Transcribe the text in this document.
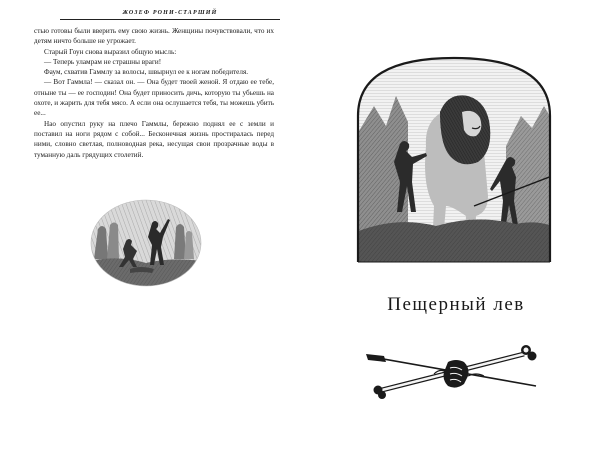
ЖОЗЕФ РОНИ-СТАРШИЙ

стью готовы были вверить ему свою жизнь. Женщины почувствовали, что их детям ничто больше не угрожает.

Старый Гоун снова выразил общую мысль:

— Теперь уламрам не страшны враги!

Фаум, схватив Гаммлу за волосы, швырнул ее к ногам победителя.

— Вот Гаммла! — сказал он. — Она будет твоей женой. Я отдаю ее тебе, отныне ты — ее господин! Она будет приносить дичь, которую ты убьешь на охоте, и жарить для тебя мясо. А если она ослушается тебя, ты можешь убить ее...

Нао опустил руку на плечо Гаммлы, бережно поднял ее с земли и поставил на ноги рядом с собой... Бесконечная жизнь простиралась перед ними, словно светлая, полноводная река, несущая свои прозрачные воды в туманную даль грядущих столетий.

Пещерный лев
